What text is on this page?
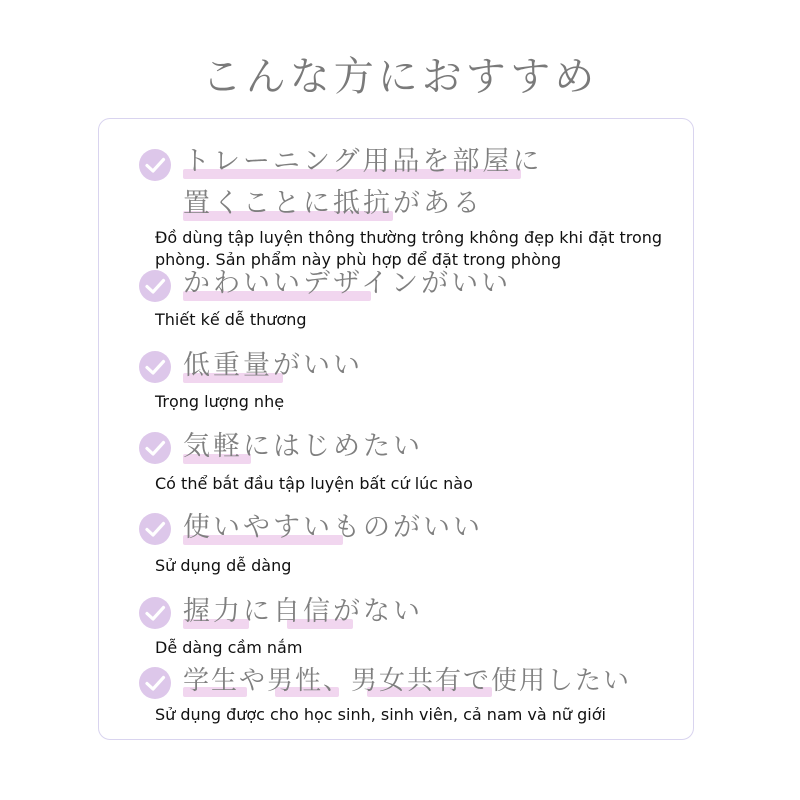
こんな方におすすめ
トレーニング用品を部屋に
置くことに抵抗がある
Đồ dùng tập luyện thông thường trông không đẹp khi đặt trong phòng. Sản phẩm này phù hợp để đặt trong phòng
かわいいデザインがいい
Thiết kế dễ thương
低重量がいい
Trọng lượng nhẹ
気軽にはじめたい
Có thể bắt đầu tập luyện bất cứ lúc nào
使いやすいものがいい
Sử dụng dễ dàng
握力に自信がない
Dễ dàng cầm nắm
学生や男性、男女共有で使用したい
Sử dụng được cho học sinh, sinh viên, cả nam và nữ giới
